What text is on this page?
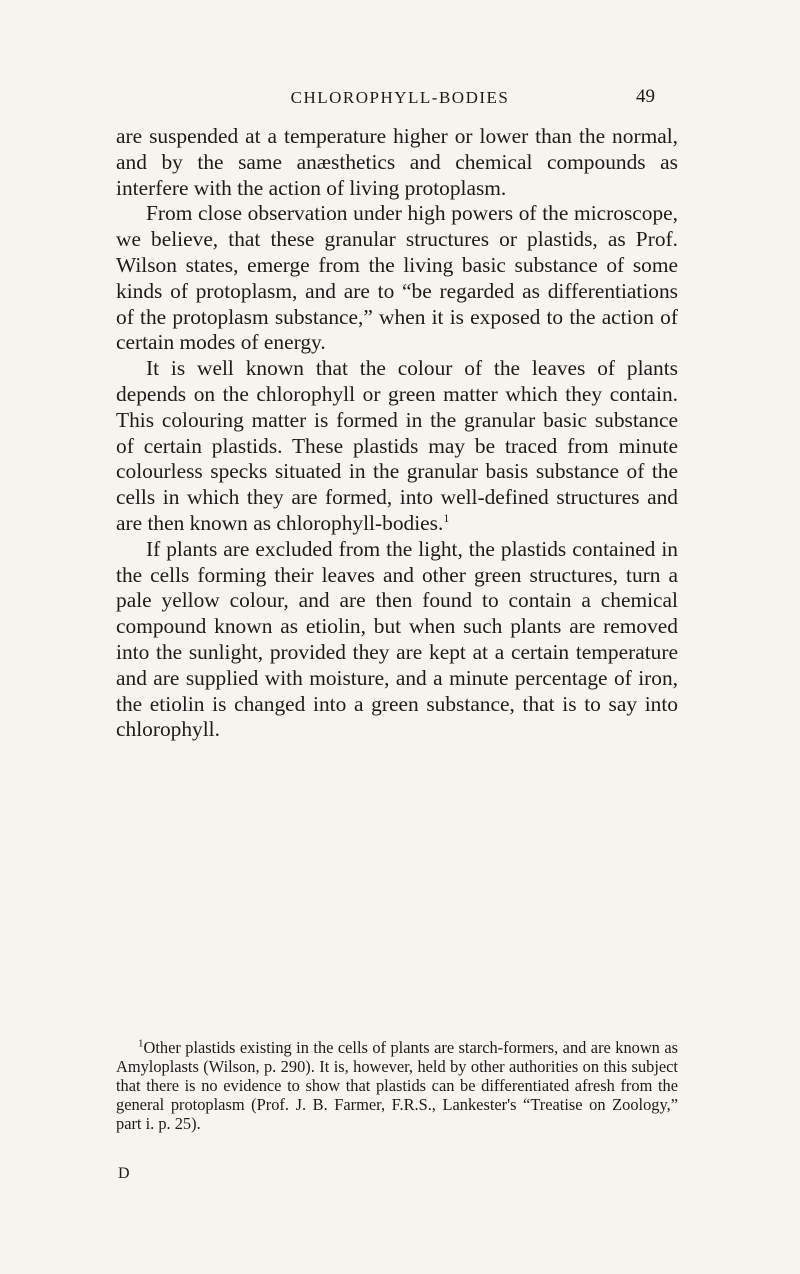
CHLOROPHYLL-BODIES	49

are suspended at a temperature higher or lower than the normal, and by the same anæsthetics and chemical compounds as interfere with the action of living protoplasm.

From close observation under high powers of the microscope, we believe, that these granular structures or plastids, as Prof. Wilson states, emerge from the living basic substance of some kinds of protoplasm, and are to “be regarded as differentiations of the protoplasm substance,” when it is exposed to the action of certain modes of energy.

It is well known that the colour of the leaves of plants depends on the chlorophyll or green matter which they contain. This colouring matter is formed in the granular basic substance of certain plastids. These plastids may be traced from minute colourless specks situated in the granular basis substance of the cells in which they are formed, into well-defined structures and are then known as chlorophyll-bodies.$^1$

If plants are excluded from the light, the plastids contained in the cells forming their leaves and other green structures, turn a pale yellow colour, and are then found to contain a chemical compound known as etiolin, but when such plants are removed into the sunlight, provided they are kept at a certain temperature and are supplied with moisture, and a minute percentage of iron, the etiolin is changed into a green substance, that is to say into chlorophyll.

$^1$Other plastids existing in the cells of plants are starch-formers, and are known as Amyloplasts (Wilson, p. 290). It is, however, held by other authorities on this subject that there is no evidence to show that plastids can be differentiated afresh from the general protoplasm (Prof. J. B. Farmer, F.R.S., Lankester's “Treatise on Zoology,” part i. p. 25).

D
